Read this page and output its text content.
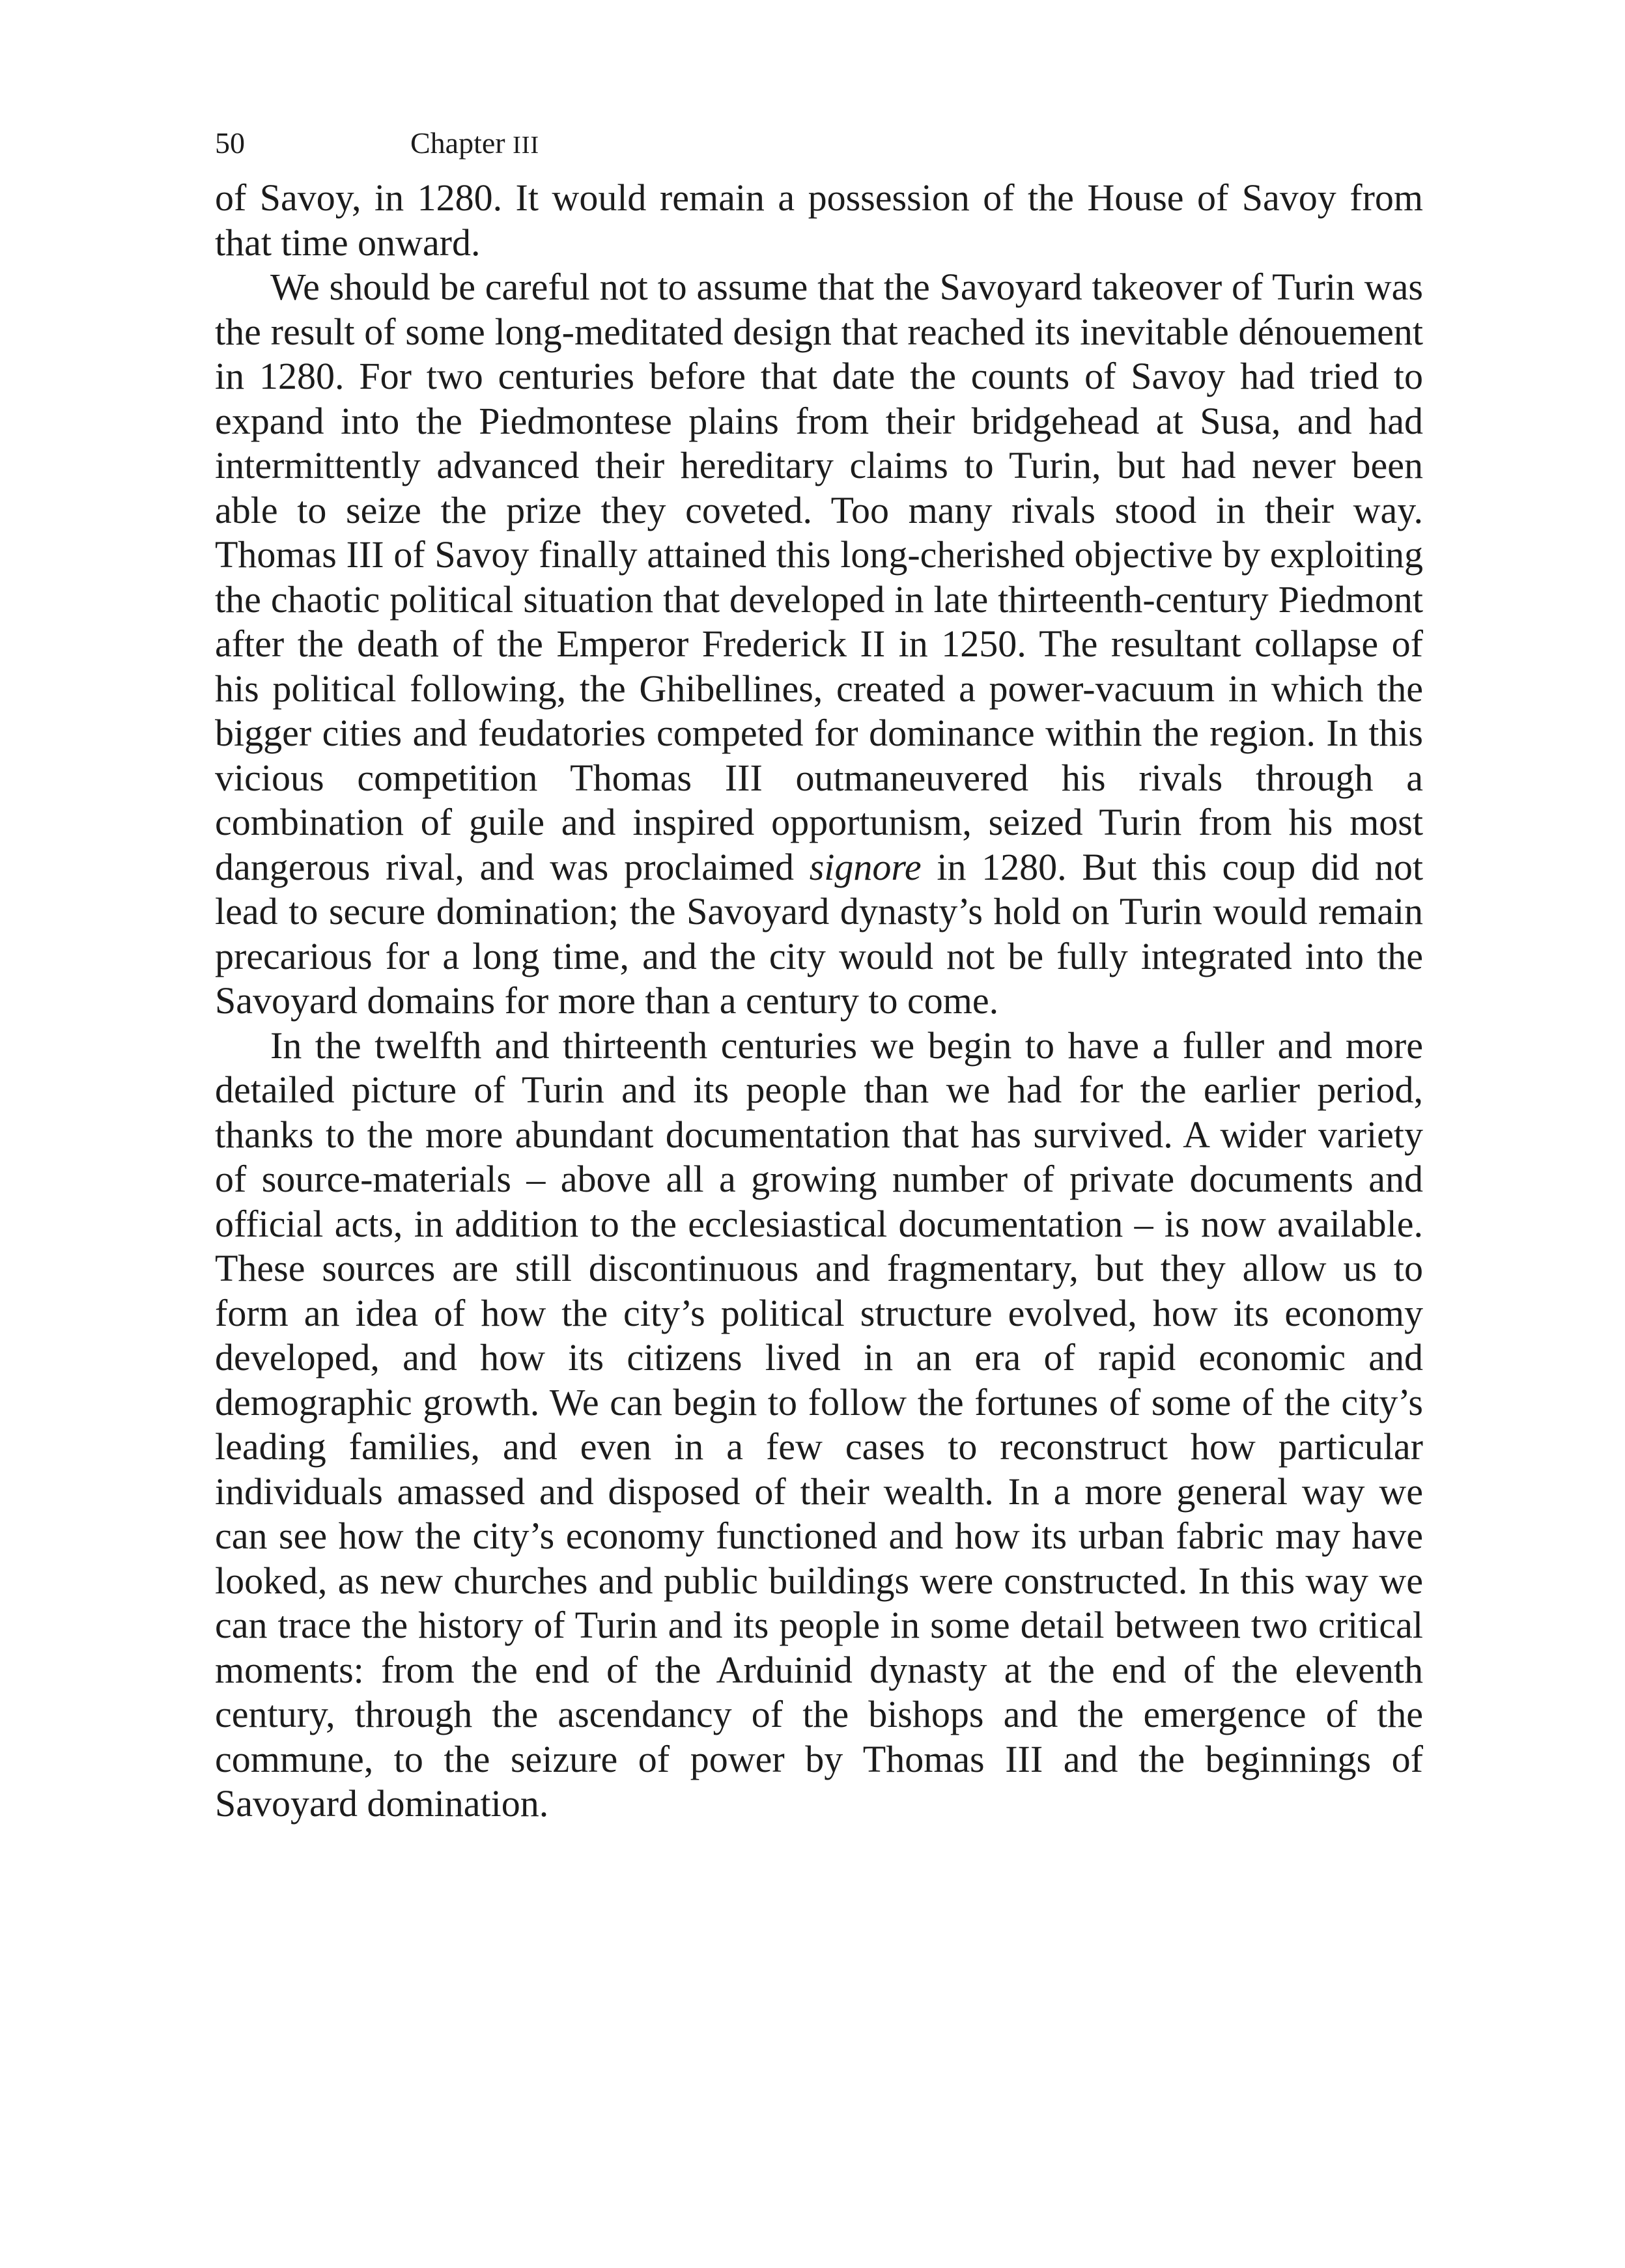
50	Chapter III

of Savoy, in 1280. It would remain a possession of the House of Savoy from that time onward.

We should be careful not to assume that the Savoyard takeover of Turin was the result of some long-meditated design that reached its inevitable dénouement in 1280. For two centuries before that date the counts of Savoy had tried to expand into the Piedmontese plains from their bridgehead at Susa, and had intermittently advanced their hereditary claims to Turin, but had never been able to seize the prize they coveted. Too many rivals stood in their way. Thomas III of Savoy finally attained this long-cherished objective by exploiting the chaotic political situation that developed in late thirteenth-century Piedmont after the death of the Emperor Frederick II in 1250. The resultant collapse of his political following, the Ghibellines, created a power-vacuum in which the bigger cities and feudatories competed for dominance within the region. In this vicious competition Thomas III outmaneuvered his rivals through a combination of guile and inspired opportunism, seized Turin from his most dangerous rival, and was proclaimed signore in 1280. But this coup did not lead to secure domination; the Savoyard dynasty’s hold on Turin would remain precarious for a long time, and the city would not be fully integrated into the Savoyard domains for more than a century to come.

In the twelfth and thirteenth centuries we begin to have a fuller and more detailed picture of Turin and its people than we had for the earlier period, thanks to the more abundant documentation that has survived. A wider variety of source-materials – above all a growing number of private documents and official acts, in addition to the ecclesiastical documentation – is now available. These sources are still discontinuous and fragmentary, but they allow us to form an idea of how the city’s political structure evolved, how its economy developed, and how its citizens lived in an era of rapid economic and demographic growth. We can begin to follow the fortunes of some of the city’s leading families, and even in a few cases to reconstruct how particular individuals amassed and disposed of their wealth. In a more general way we can see how the city’s economy functioned and how its urban fabric may have looked, as new churches and public buildings were constructed. In this way we can trace the history of Turin and its people in some detail between two critical moments: from the end of the Arduinid dynasty at the end of the eleventh century, through the ascendancy of the bishops and the emergence of the commune, to the seizure of power by Thomas III and the beginnings of Savoyard domination.
